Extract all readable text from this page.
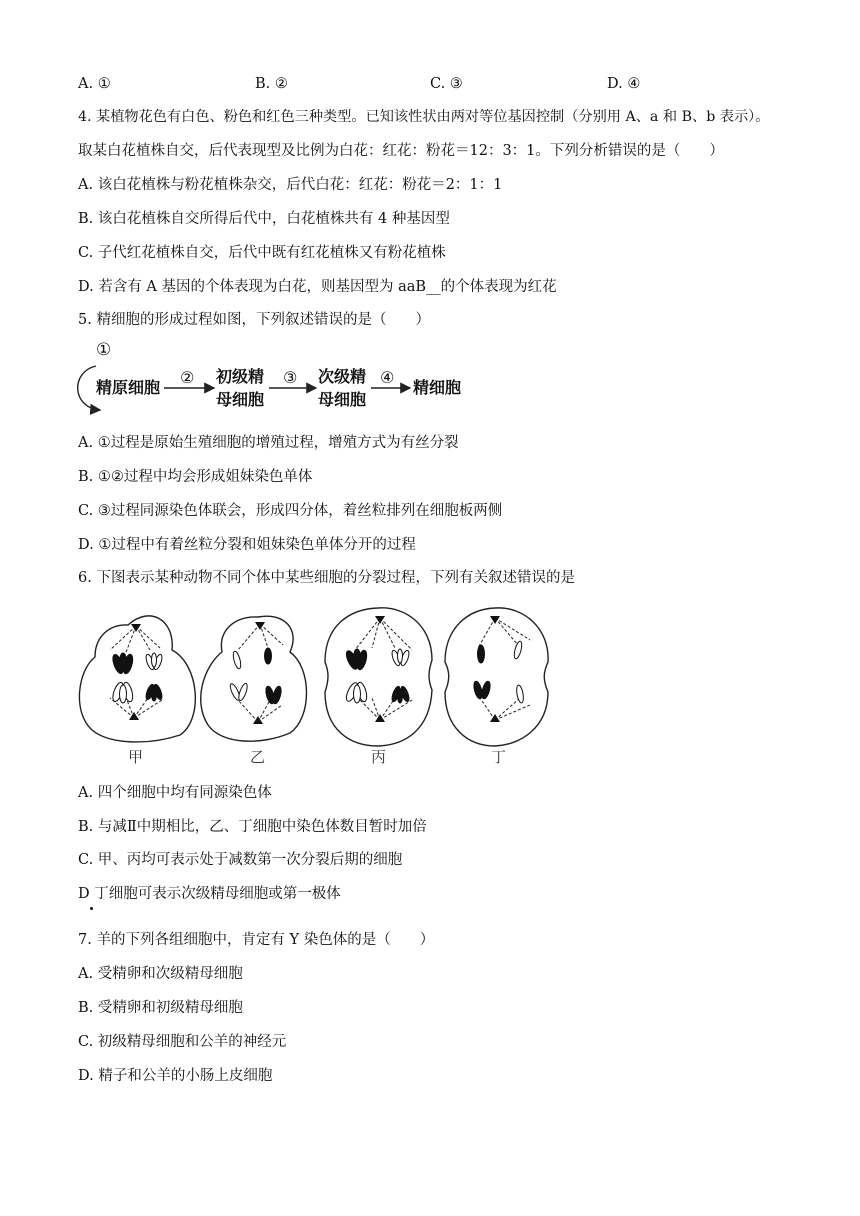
A. ①	B. ②	C. ③	D. ④
4. 某植物花色有白色、粉色和红色三种类型。已知该性状由两对等位基因控制（分别用 A、a 和 B、b 表示）。
取某白花植株自交，后代表现型及比例为白花：红花：粉花＝12：3：1。下列分析错误的是（　　）
A. 该白花植株与粉花植株杂交，后代白花：红花：粉花＝2：1：1
B. 该白花植株自交所得后代中，白花植株共有 4 种基因型
C. 子代红花植株自交，后代中既有红花植株又有粉花植株
D. 若含有 A 基因的个体表现为白花，则基因型为 aaB__的个体表现为红花
5. 精细胞的形成过程如图，下列叙述错误的是（　　）
①
精原细胞
② 初级精
母细胞
③ 次级精
母细胞
④
精细胞
A. ①过程是原始生殖细胞的增殖过程，增殖方式为有丝分裂
B. ①②过程中均会形成姐妹染色单体
C. ③过程同源染色体联会，形成四分体，着丝粒排列在细胞板两侧
D. ①过程中有着丝粒分裂和姐妹染色单体分开的过程
6. 下图表示某种动物不同个体中某些细胞的分裂过程，下列有关叙述错误的是
甲	乙	丙	丁
A. 四个细胞中均有同源染色体
B. 与减Ⅱ中期相比，乙、丁细胞中染色体数目暂时加倍
C. 甲、丙均可表示处于减数第一次分裂后期的细胞
D 丁细胞可表示次级精母细胞或第一极体
7. 羊的下列各组细胞中，肯定有 Y 染色体的是（　　）
A. 受精卵和次级精母细胞
B. 受精卵和初级精母细胞
C. 初级精母细胞和公羊的神经元
D. 精子和公羊的小肠上皮细胞
